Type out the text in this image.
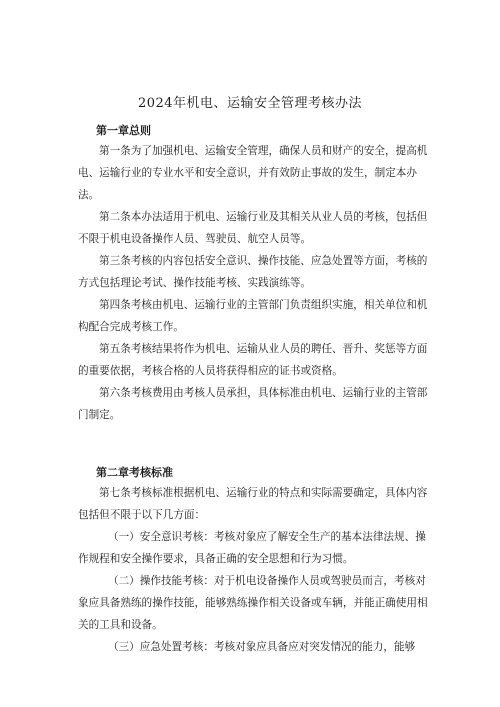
2024年机电、运输安全管理考核办法
第一章总则

第一条为了加强机电、运输安全管理，确保人员和财产的安全，提高机电、运输行业的专业水平和安全意识，并有效防止事故的发生，制定本办法。

第二条本办法适用于机电、运输行业及其相关从业人员的考核，包括但不限于机电设备操作人员、驾驶员、航空人员等。

第三条考核的内容包括安全意识、操作技能、应急处置等方面，考核的方式包括理论考试、操作技能考核、实践演练等。

第四条考核由机电、运输行业的主管部门负责组织实施，相关单位和机构配合完成考核工作。

第五条考核结果将作为机电、运输从业人员的聘任、晋升、奖惩等方面的重要依据，考核合格的人员将获得相应的证书或资格。

第六条考核费用由考核人员承担，具体标准由机电、运输行业的主管部门制定。

第二章考核标准

第七条考核标准根据机电、运输行业的特点和实际需要确定，具体内容包括但不限于以下几方面：

（一）安全意识考核：考核对象应了解安全生产的基本法律法规、操作规程和安全操作要求，具备正确的安全思想和行为习惯。

（二）操作技能考核：对于机电设备操作人员或驾驶员而言，考核对象应具备熟练的操作技能，能够熟练操作相关设备或车辆，并能正确使用相关的工具和设备。

（三）应急处置考核：考核对象应具备应对突发情况的能力，能够
